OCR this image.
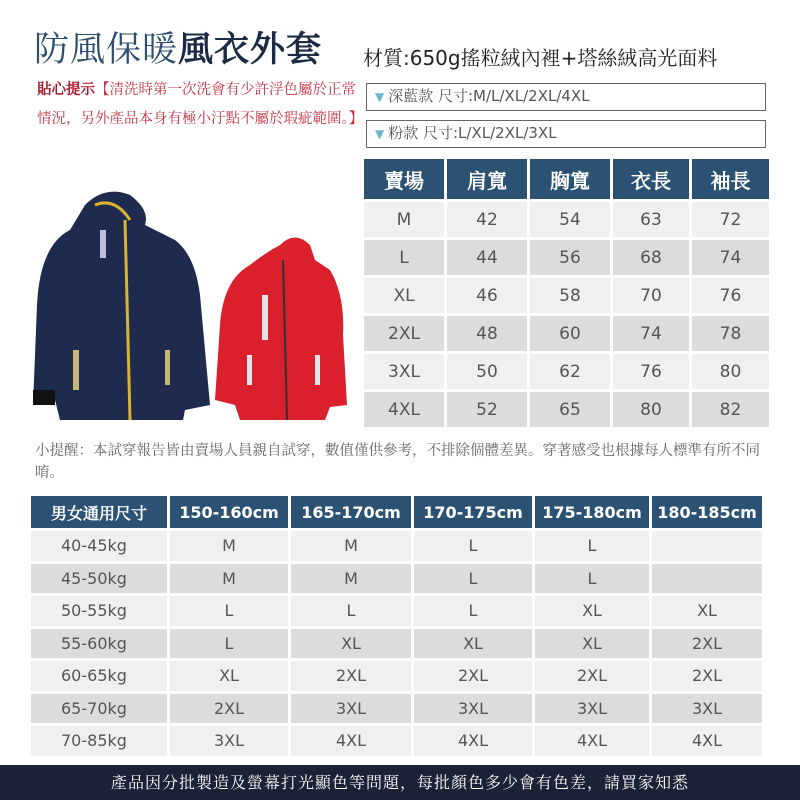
防風保暖風衣外套
貼心提示【清洗時第一次洗會有少許浮色屬於正常情況，另外產品本身有極小汙點不屬於瑕疵範圍。】
材質:650g搖粒絨內裡+塔絲絨高光面料
▼ 深藍款 尺寸:M/L/XL/2XL/4XL
▼ 粉款 尺寸:L/XL/2XL/3XL
賣場	肩寬	胸寬	衣長	袖長
M	42	54	63	72
L	44	56	68	74
XL	46	58	70	76
2XL	48	60	74	78
3XL	50	62	76	80
4XL	52	65	80	82
小提醒：本試穿報告皆由賣場人員親自試穿，數值僅供參考，不排除個體差異。穿著感受也根據每人標準有所不同唷。
男女通用尺寸	150-160cm	165-170cm	170-175cm	175-180cm	180-185cm
40-45kg	M	M	L	L	
45-50kg	M	M	L	L	
50-55kg	L	L	L	XL	XL
55-60kg	L	XL	XL	XL	2XL
60-65kg	XL	2XL	2XL	2XL	2XL
65-70kg	2XL	3XL	3XL	3XL	3XL
70-85kg	3XL	4XL	4XL	4XL	4XL
產品因分批製造及螢幕打光顯色等問題，每批顏色多少會有色差，請買家知悉
